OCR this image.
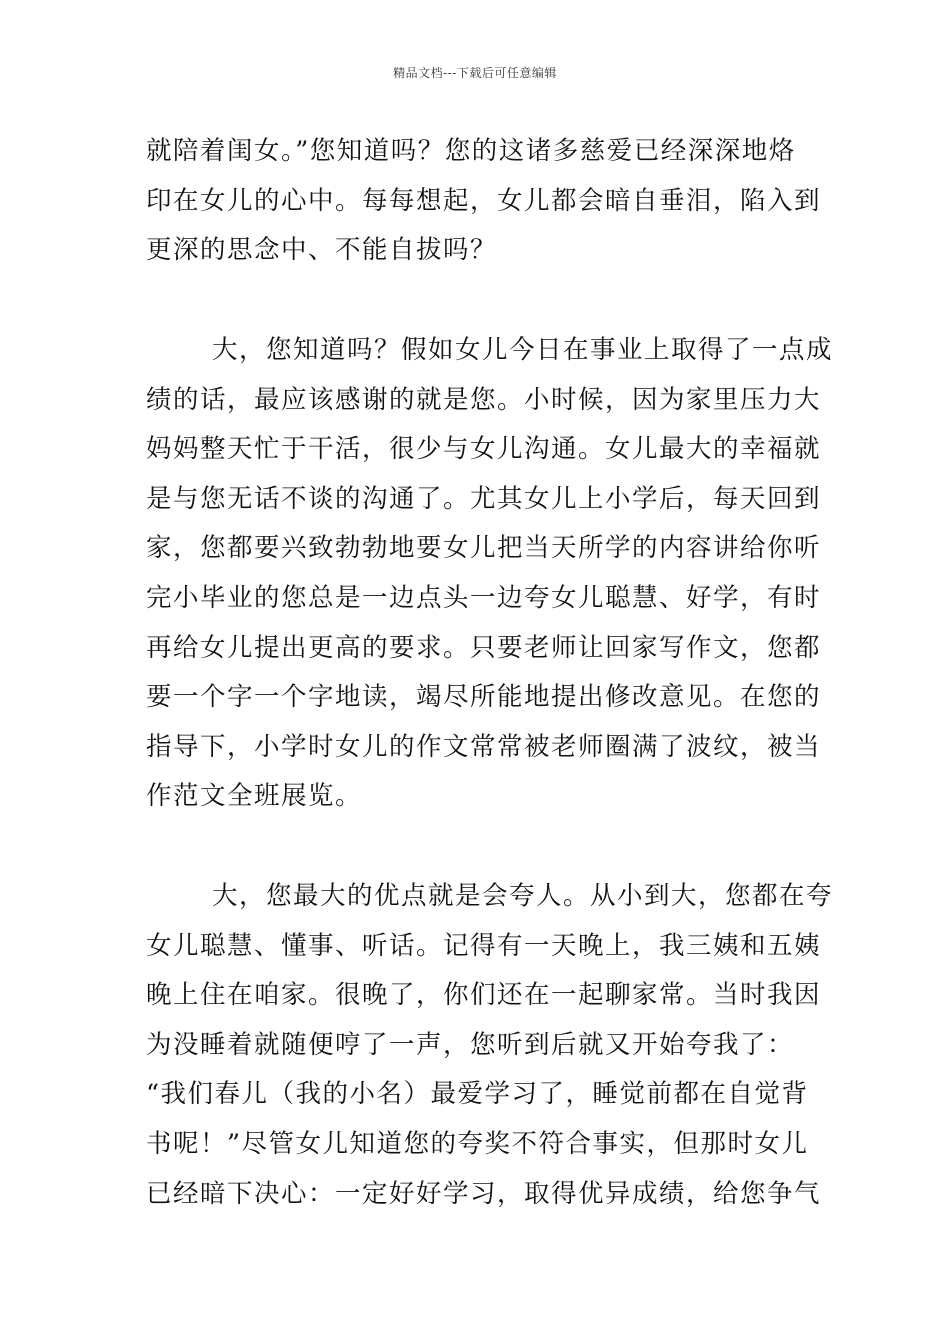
精品文档---下载后可任意编辑
就陪着闺女。”您知道吗？您的这诸多慈爱已经深深地烙
印在女儿的心中。每每想起，女儿都会暗自垂泪，陷入到
更深的思念中、不能自拔吗？
大，您知道吗？假如女儿今日在事业上取得了一点成
绩的话，最应该感谢的就是您。小时候，因为家里压力大
妈妈整天忙于干活，很少与女儿沟通。女儿最大的幸福就
是与您无话不谈的沟通了。尤其女儿上小学后，每天回到
家，您都要兴致勃勃地要女儿把当天所学的内容讲给你听
完小毕业的您总是一边点头一边夸女儿聪慧、好学，有时
再给女儿提出更高的要求。只要老师让回家写作文，您都
要一个字一个字地读，竭尽所能地提出修改意见。在您的
指导下，小学时女儿的作文常常被老师圈满了波纹，被当
作范文全班展览。
大，您最大的优点就是会夸人。从小到大，您都在夸
女儿聪慧、懂事、听话。记得有一天晚上，我三姨和五姨
晚上住在咱家。很晚了，你们还在一起聊家常。当时我因
为没睡着就随便哼了一声，您听到后就又开始夸我了：
“我们春儿（我的小名）最爱学习了，睡觉前都在自觉背
书呢！”尽管女儿知道您的夸奖不符合事实，但那时女儿
已经暗下决心：一定好好学习，取得优异成绩，给您争气
